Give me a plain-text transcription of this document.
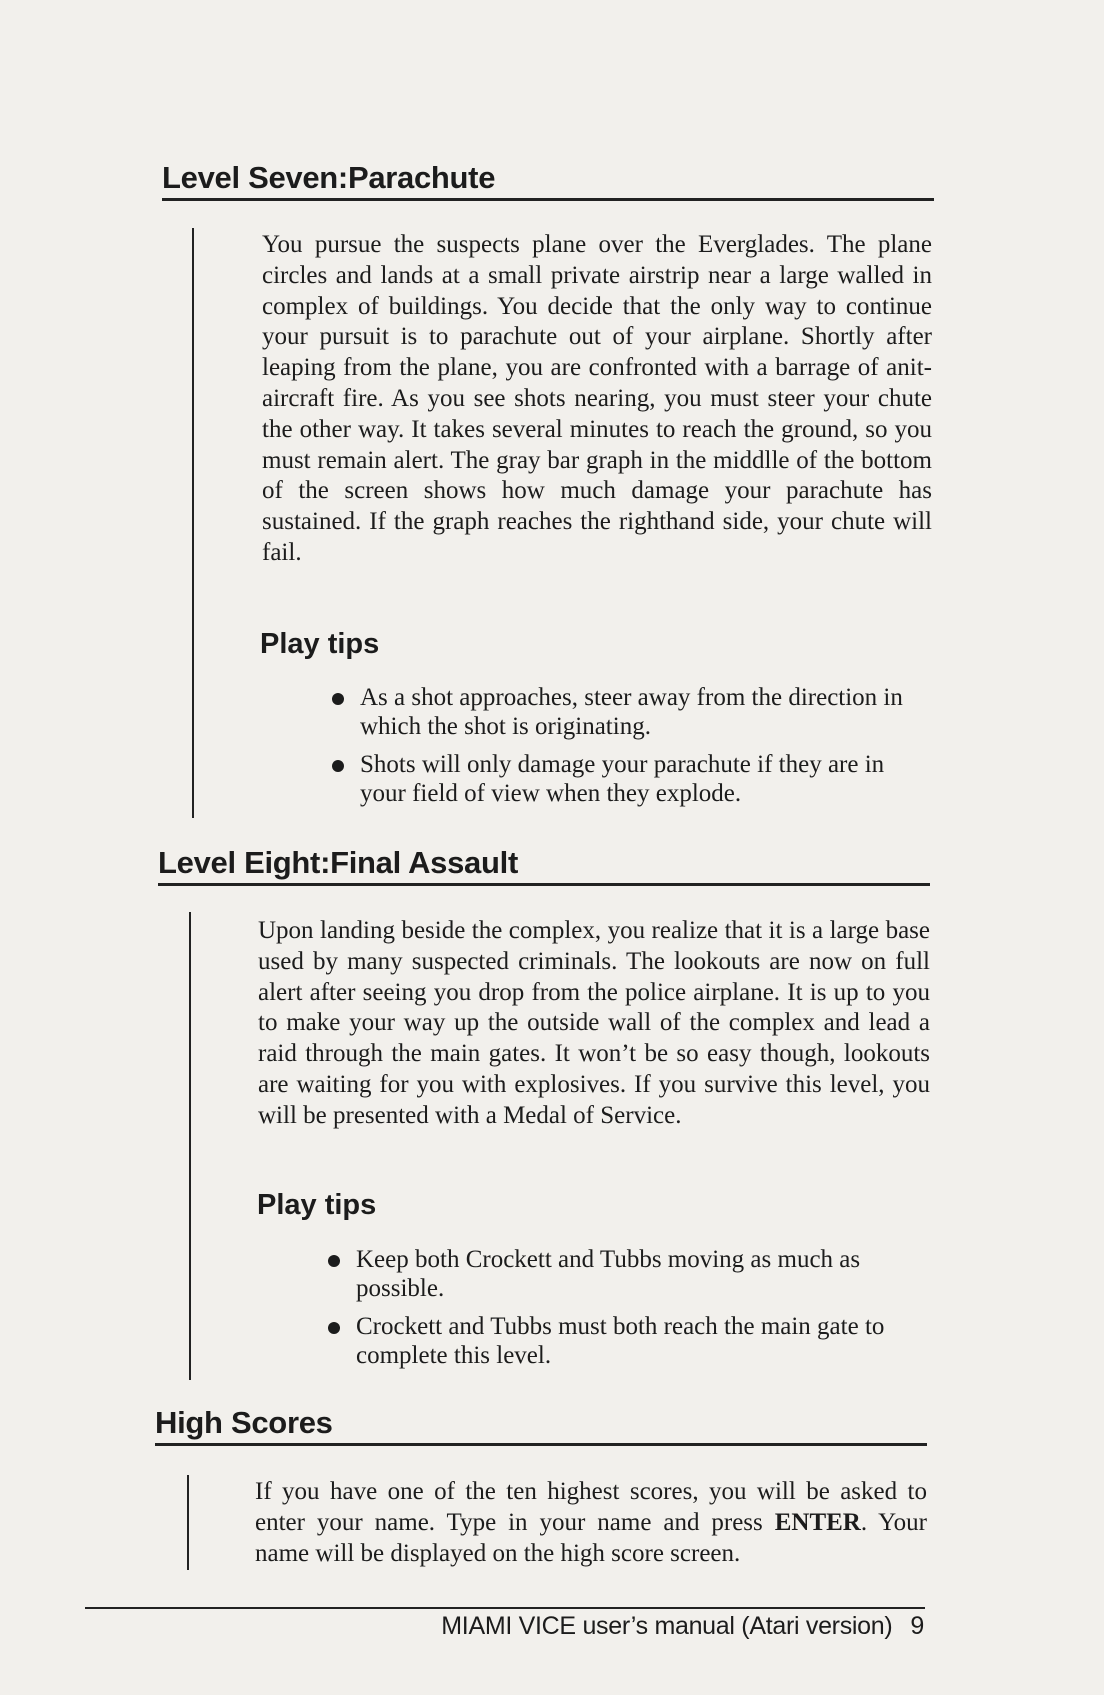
Level Seven:Parachute

You pursue the suspects plane over the Everglades. The plane circles and lands at a small private airstrip near a large walled in complex of buildings. You decide that the only way to continue your pursuit is to parachute out of your airplane. Shortly after leaping from the plane, you are confronted with a barrage of anit-aircraft fire. As you see shots nearing, you must steer your chute the other way. It takes several minutes to reach the ground, so you must remain alert. The gray bar graph in the middlle of the bottom of the screen shows how much damage your parachute has sustained. If the graph reaches the righthand side, your chute will fail.

Play tips
As a shot approaches, steer away from the direction in which the shot is originating.
Shots will only damage your parachute if they are in your field of view when they explode.
Level Eight:Final Assault

Upon landing beside the complex, you realize that it is a large base used by many suspected criminals. The lookouts are now on full alert after seeing you drop from the police airplane. It is up to you to make your way up the outside wall of the complex and lead a raid through the main gates. It won’t be so easy though, lookouts are waiting for you with explosives. If you survive this level, you will be presented with a Medal of Service.

Play tips
Keep both Crockett and Tubbs moving as much as possible.
Crockett and Tubbs must both reach the main gate to complete this level.
High Scores

If you have one of the ten highest scores, you will be asked to enter your name. Type in your name and press ENTER. Your name will be displayed on the high score screen.

MIAMI VICE user’s manual (Atari version) 9
